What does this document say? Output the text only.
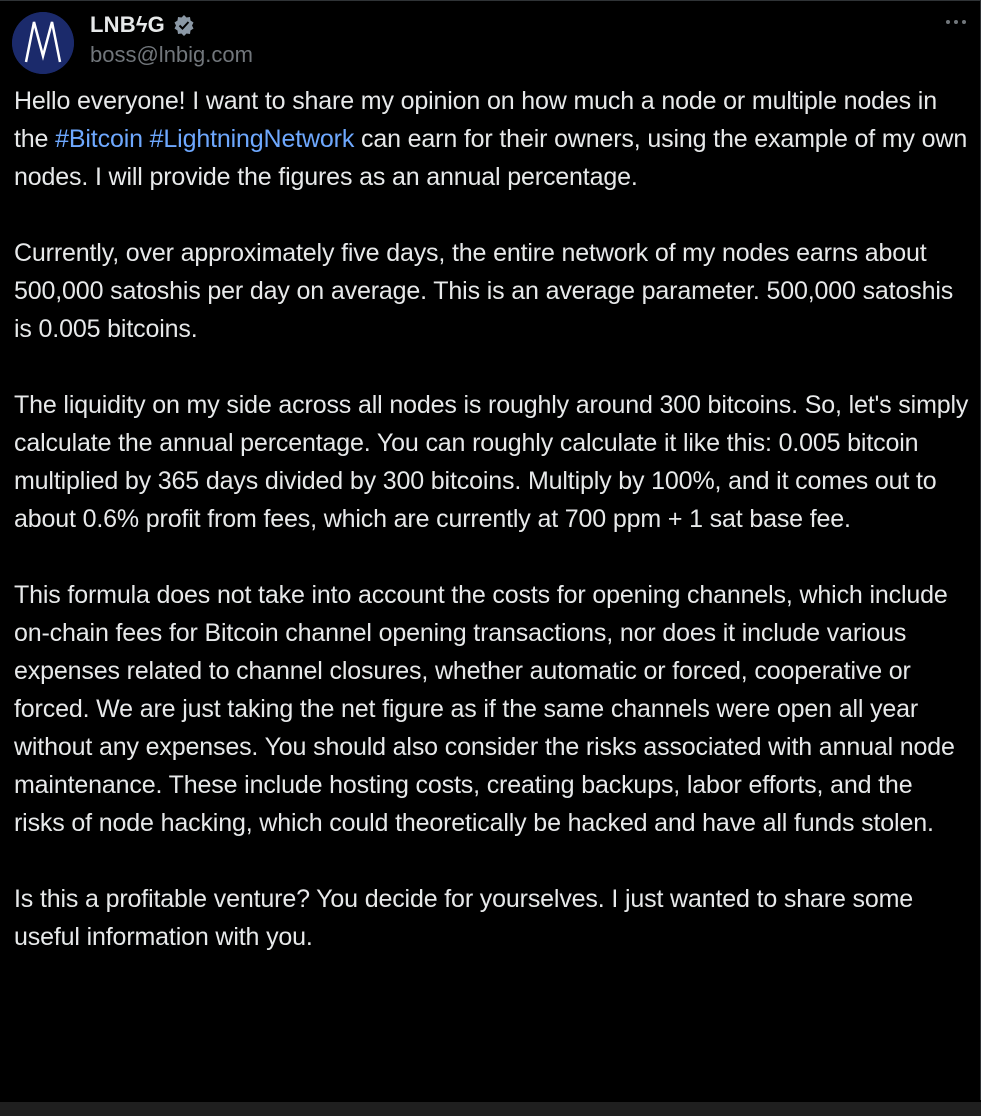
LNBϟG
boss@lnbig.com

Hello everyone! I want to share my opinion on how much a node or multiple nodes in the #Bitcoin #LightningNetwork can earn for their owners, using the example of my own nodes. I will provide the figures as an annual percentage.

Currently, over approximately five days, the entire network of my nodes earns about 500,000 satoshis per day on average. This is an average parameter. 500,000 satoshis is 0.005 bitcoins.

The liquidity on my side across all nodes is roughly around 300 bitcoins. So, let's simply calculate the annual percentage. You can roughly calculate it like this: 0.005 bitcoin multiplied by 365 days divided by 300 bitcoins. Multiply by 100%, and it comes out to about 0.6% profit from fees, which are currently at 700 ppm + 1 sat base fee.

This formula does not take into account the costs for opening channels, which include on-chain fees for Bitcoin channel opening transactions, nor does it include various expenses related to channel closures, whether automatic or forced, cooperative or forced. We are just taking the net figure as if the same channels were open all year without any expenses. You should also consider the risks associated with annual node maintenance. These include hosting costs, creating backups, labor efforts, and the risks of node hacking, which could theoretically be hacked and have all funds stolen.

Is this a profitable venture? You decide for yourselves. I just wanted to share some useful information with you.
